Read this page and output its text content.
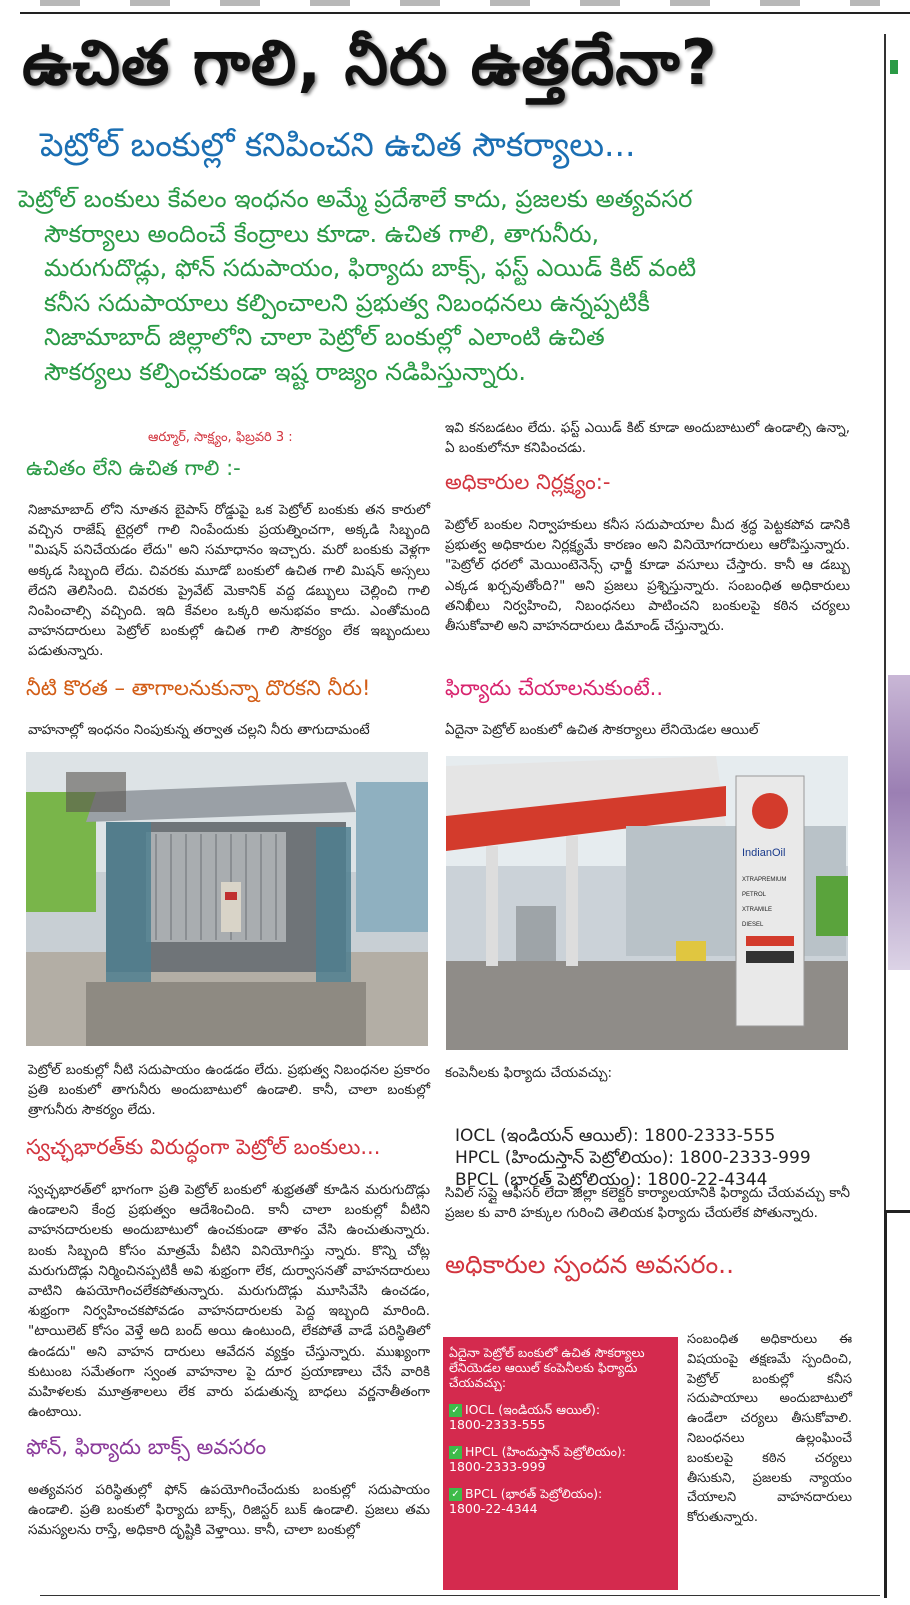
ఉచిత గాలి, నీరు ఉత్తదేనా?
పెట్రోల్ బంకుల్లో కనిపించని ఉచిత సౌకర్యాలు...
పెట్రోల్ బంకులు కేవలం ఇంధనం అమ్మే ప్రదేశాలే కాదు, ప్రజలకు అత్యవసర
సౌకర్యాలు అందించే కేంద్రాలు కూడా. ఉచిత గాలి, తాగునీరు,
మరుగుదొడ్లు, ఫోన్ సదుపాయం, ఫిర్యాదు బాక్స్, ఫస్ట్ ఎయిడ్ కిట్ వంటి
కనీస సదుపాయాలు కల్పించాలని ప్రభుత్వ నిబంధనలు ఉన్నప్పటికీ
నిజామాబాద్ జిల్లాలోని చాలా పెట్రోల్ బంకుల్లో ఎలాంటి ఉచిత
సౌకర్యలు కల్పించకుండా ఇష్ట రాజ్యం నడిపిస్తున్నారు.
ఆర్మూర్, సాక్ష్యం, ఫిబ్రవరి 3 :
ఉచితం లేని ఉచిత గాలి :-
నిజామాబాద్ లోని నూతన బైపాస్ రోడ్డుపై ఒక పెట్రోల్ బంకుకు తన కారులో వచ్చిన రాజేష్ టైర్లలో గాలి నింపేందుకు ప్రయత్నించగా, అక్కడి సిబ్బంది "మిషన్ పనిచేయడం లేదు" అని సమాధానం ఇచ్చారు. మరో బంకుకు వెళ్లగా అక్కడ సిబ్బంది లేదు. చివరకు మూడో బంకులో ఉచిత గాలి మిషన్ అస్సలు లేదని తెలిసింది. చివరకు ప్రైవేట్ మెకానిక్ వద్ద డబ్బులు చెల్లించి గాలి నింపించాల్సి వచ్చింది. ఇది కేవలం ఒక్కరి అనుభవం కాదు. ఎంతోమంది వాహనదారులు పెట్రోల్ బంకుల్లో ఉచిత గాలి సౌకర్యం లేక ఇబ్బందులు పడుతున్నారు.
నీటి కొరత – తాగాలనుకున్నా దొరకని నీరు!
వాహనాల్లో ఇంధనం నింపుకున్న తర్వాత చల్లని నీరు తాగుదామంటే
పెట్రోల్ బంకుల్లో నీటి సదుపాయం ఉండడం లేదు. ప్రభుత్వ నిబంధనల ప్రకారం ప్రతి బంకులో తాగునీరు అందుబాటులో ఉండాలి. కానీ, చాలా బంకుల్లో త్రాగునీరు సౌకర్యం లేదు.
స్వచ్ఛభారత్‌కు విరుద్ధంగా పెట్రోల్ బంకులు...
స్వచ్ఛభారత్‌లో భాగంగా ప్రతి పెట్రోల్ బంకులో శుభ్రతతో కూడిన మరుగుదొడ్లు ఉండాలని కేంద్ర ప్రభుత్వం ఆదేశించింది. కానీ చాలా బంకుల్లో వీటిని వాహనదారులకు అందుబాటులో ఉంచకుండా తాళం వేసి ఉంచుతున్నారు. బంకు సిబ్బంది కోసం మాత్రమే వీటిని వినియోగిస్తు న్నారు. కొన్ని చోట్ల మరుగుదొడ్లు నిర్మించినప్పటికీ అవి శుభ్రంగా లేక, దుర్వాసనతో వాహనదారులు వాటిని ఉపయోగించలేకపోతున్నారు. మరుగుదొడ్లు మూసివేసి ఉంచడం, శుభ్రంగా నిర్వహించకపోవడం వాహనదారులకు పెద్ద ఇబ్బంది మారింది. "టాయిలెట్ కోసం వెళ్తే అది బంద్ అయి ఉంటుంది, లేకపోతే వాడే పరిస్థితిలో ఉండదు" అని వాహన దారులు ఆవేదన వ్యక్తం చేస్తున్నారు. ముఖ్యంగా కుటుంబ సమేతంగా స్వంత వాహనాల పై దూర ప్రయాణాలు చేసే వారికి మహిళలకు మూత్రశాలలు లేక వారు పడుతున్న బాధలు వర్ణనాతీతంగా ఉంటాయి.
ఫోన్, ఫిర్యాదు బాక్స్ అవసరం
అత్యవసర పరిస్థితుల్లో ఫోన్ ఉపయోగించేందుకు బంకుల్లో సదుపాయం ఉండాలి. ప్రతి బంకులో ఫిర్యాదు బాక్స్, రిజిస్టర్ బుక్ ఉండాలి. ప్రజలు తమ సమస్యలను రాస్తే, అధికారి దృష్టికి వెళ్తాయి. కానీ, చాలా బంకుల్లో
ఇవి కనబడటం లేదు. ఫస్ట్ ఎయిడ్ కిట్ కూడా అందుబాటులో ఉండాల్సి ఉన్నా, ఏ బంకులోనూ కనిపించడు.
అధికారుల నిర్లక్ష్యం:-
పెట్రోల్ బంకుల నిర్వాహకులు కనీస సదుపాయాల మీద శ్రద్ధ పెట్టకపోవ డానికి ప్రభుత్వ అధికారుల నిర్లక్ష్యమే కారణం అని వినియోగదారులు ఆరోపిస్తున్నారు. "పెట్రోల్ ధరలో మెయింటెనెన్స్ ఛార్జీ కూడా వసూలు చేస్తారు. కానీ ఆ డబ్బు ఎక్కడ ఖర్చవుతోంది?" అని ప్రజలు ప్రశ్నిస్తున్నారు. సంబంధిత అధికారులు తనిఖీలు నిర్వహించి, నిబంధనలు పాటించని బంకులపై కఠిన చర్యలు తీసుకోవాలి అని వాహనదారులు డిమాండ్ చేస్తున్నారు.
ఫిర్యాదు చేయాలనుకుంటే..
ఏదైనా పెట్రోల్ బంకులో ఉచిత సౌకర్యాలు లేనియెడల ఆయిల్
IndianOil
XTRAPREMIUM
PETROL
XTRAMILE
DIESEL
కంపెనీలకు ఫిర్యాదు చేయవచ్చు:
IOCL (ఇండియన్ ఆయిల్): 1800-2333-555
HPCL (హిందుస్తాన్ పెట్రోలియం): 1800-2333-999
BPCL (భారత్ పెట్రోలియం): 1800-22-4344
సివిల్ సప్లై ఆఫీసర్ లేదా జిల్లా కలెక్టర్ కార్యాలయానికి ఫిర్యాదు చేయవచ్చు కానీ ప్రజల కు వారి హక్కుల గురించి తెలియక ఫిర్యాదు చేయలేక పోతున్నారు.
అధికారుల స్పందన అవసరం..
ఏదైనా పెట్రోల్ బంకులో ఉచిత సౌకర్యాలు లేనియెడల ఆయిల్ కంపెనీలకు ఫిర్యాదు చేయవచ్చు:
✓ IOCL (ఇండియన్ ఆయిల్):
1800-2333-555
✓ HPCL (హిందుస్తాన్ పెట్రోలియం):
1800-2333-999
✓ BPCL (భారత్ పెట్రోలియం):
1800-22-4344
సంబంధిత అధికారులు ఈ విషయంపై తక్షణమే స్పందించి, పెట్రోల్ బంకుల్లో కనీస సదుపాయాలు అందుబాటులో ఉండేలా చర్యలు తీసుకోవాలి. నిబంధనలు ఉల్లంఘించే బంకులపై కఠిన చర్యలు తీసుకుని, ప్రజలకు న్యాయం చేయాలని వాహనదారులు కోరుతున్నారు.
